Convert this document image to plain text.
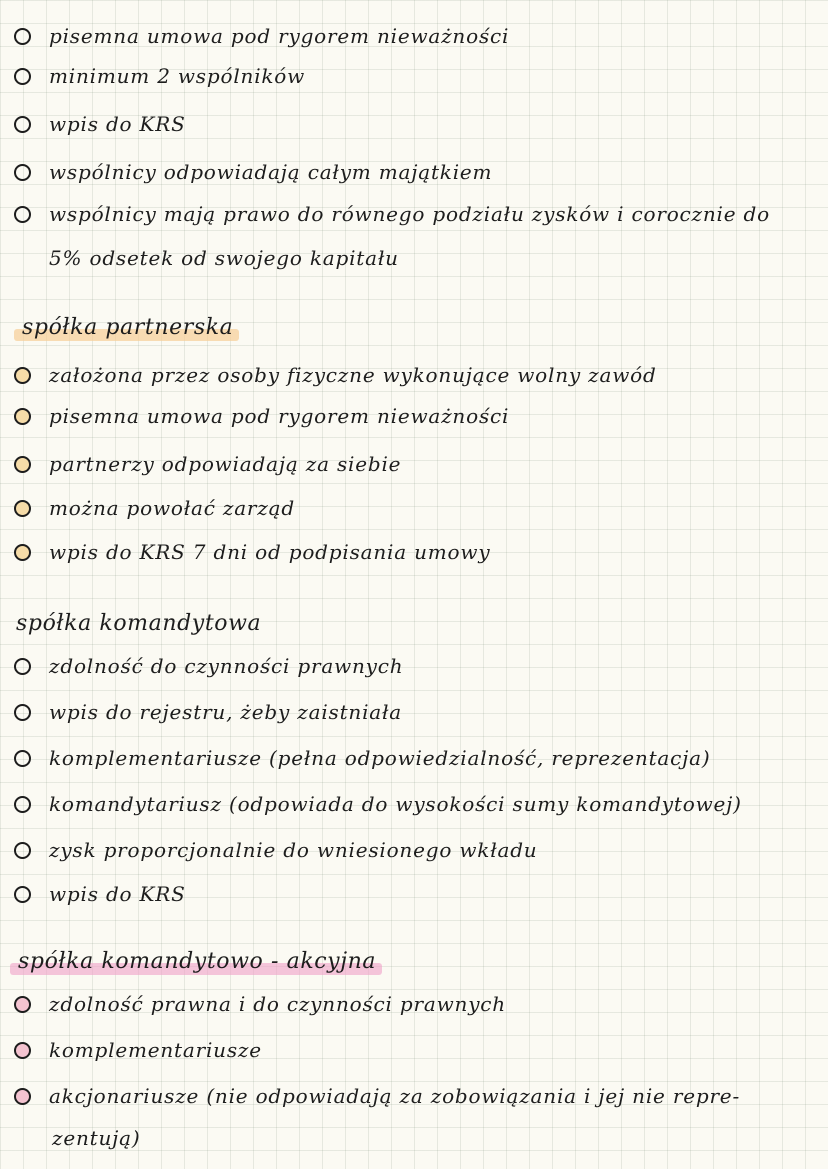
pisemna umowa pod rygorem nieważności
minimum 2 wspólników
wpis do KRS
wspólnicy odpowiadają całym majątkiem
wspólnicy mają prawo do równego podziału zysków i corocznie do
5% odsetek od swojego kapitału
spółka partnerska
założona przez osoby fizyczne wykonujące wolny zawód
pisemna umowa pod rygorem nieważności
partnerzy odpowiadają za siebie
można powołać zarząd
wpis do KRS 7 dni od podpisania umowy
spółka komandytowa
zdolność do czynności prawnych
wpis do rejestru, żeby zaistniała
komplementariusze (pełna odpowiedzialność, reprezentacja)
komandytariusz (odpowiada do wysokości sumy komandytowej)
zysk proporcjonalnie do wniesionego wkładu
wpis do KRS
spółka komandytowo - akcyjna
zdolność prawna i do czynności prawnych
komplementariusze
akcjonariusze (nie odpowiadają za zobowiązania i jej nie repre-
zentują)
